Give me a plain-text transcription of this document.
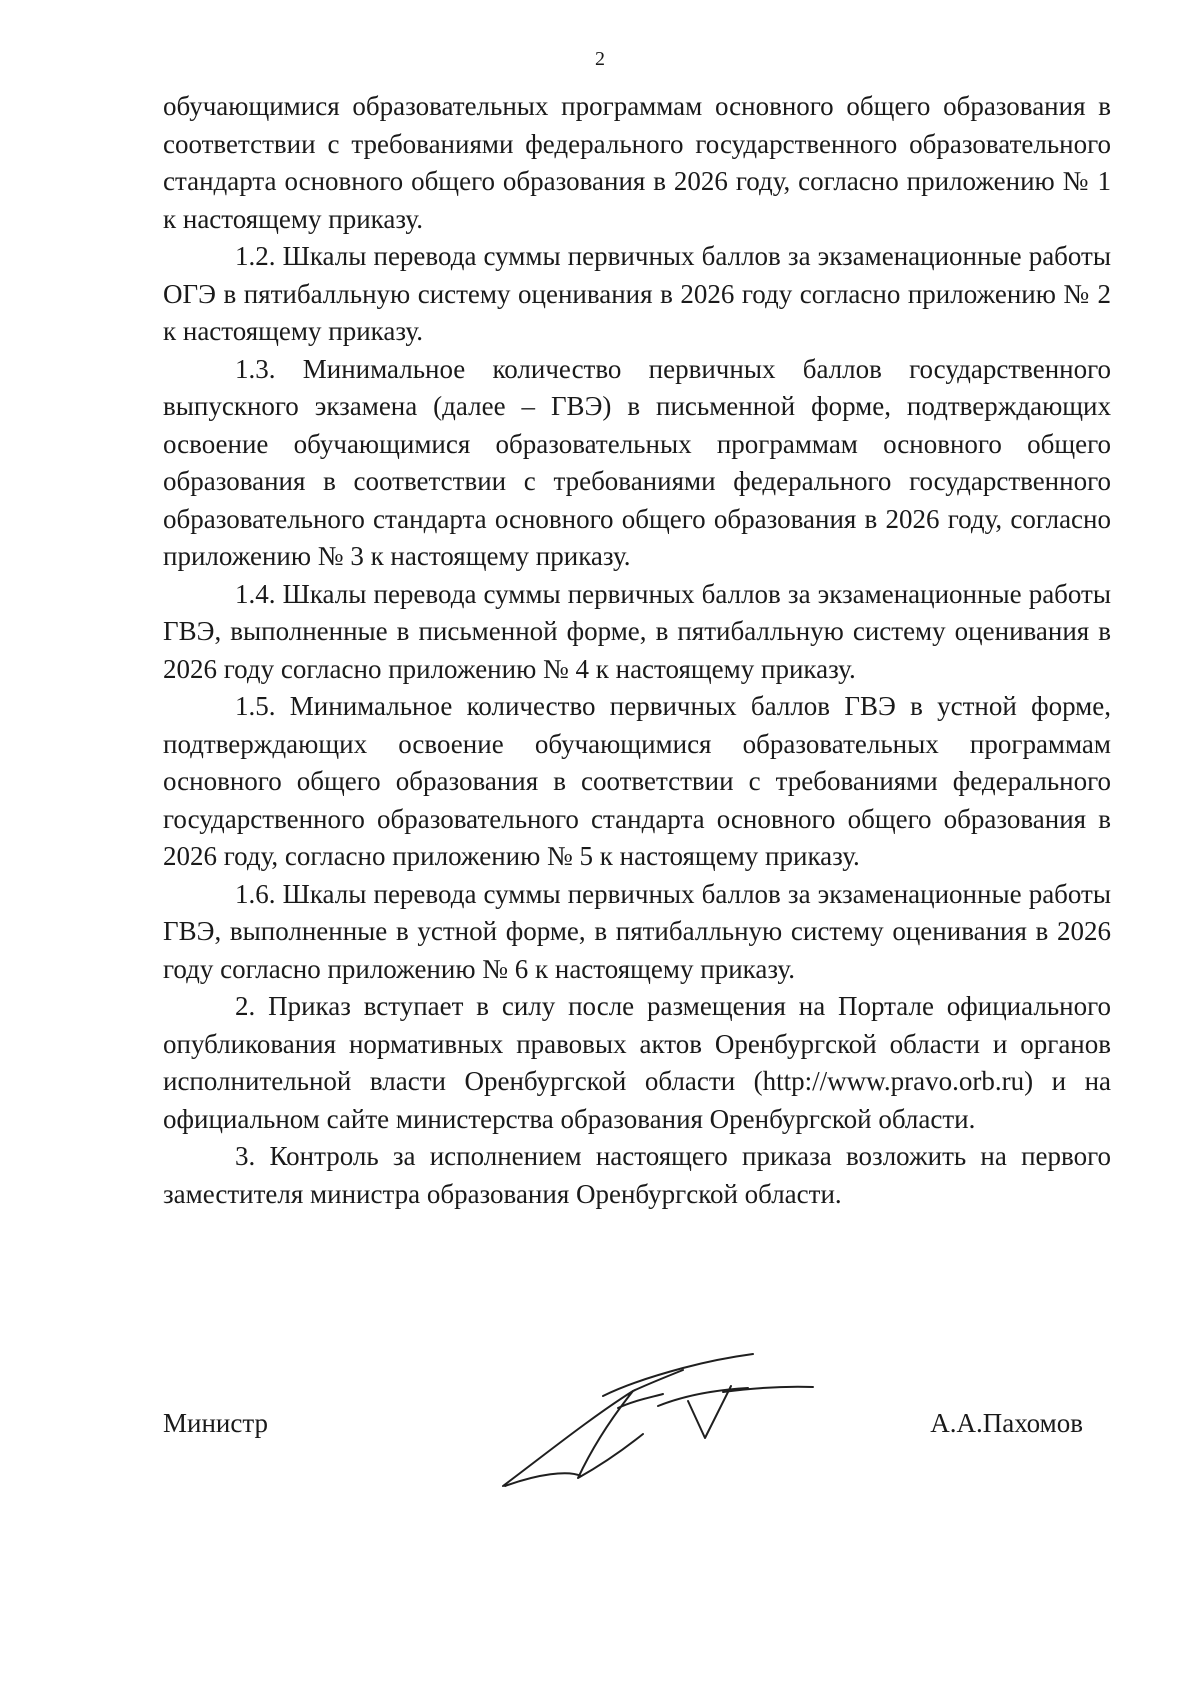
2

обучающимися образовательных программам основного общего образования в соответствии с требованиями федерального государственного образовательного стандарта основного общего образования в 2026 году, согласно приложению № 1 к настоящему приказу.

1.2. Шкалы перевода суммы первичных баллов за экзаменационные работы ОГЭ в пятибалльную систему оценивания в 2026 году согласно приложению № 2 к настоящему приказу.

1.3. Минимальное количество первичных баллов государственного выпускного экзамена (далее – ГВЭ) в письменной форме, подтверждающих освоение обучающимися образовательных программам основного общего образования в соответствии с требованиями федерального государственного образовательного стандарта основного общего образования в 2026 году, согласно приложению № 3 к настоящему приказу.

1.4. Шкалы перевода суммы первичных баллов за экзаменационные работы ГВЭ, выполненные в письменной форме, в пятибалльную систему оценивания в 2026 году согласно приложению № 4 к настоящему приказу.

1.5. Минимальное количество первичных баллов ГВЭ в устной форме, подтверждающих освоение обучающимися образовательных программам основного общего образования в соответствии с требованиями федерального государственного образовательного стандарта основного общего образования в 2026 году, согласно приложению № 5 к настоящему приказу.

1.6. Шкалы перевода суммы первичных баллов за экзаменационные работы ГВЭ, выполненные в устной форме, в пятибалльную систему оценивания в 2026 году согласно приложению № 6 к настоящему приказу.

2. Приказ вступает в силу после размещения на Портале официального опубликования нормативных правовых актов Оренбургской области и органов исполнительной власти Оренбургской области (http://www.pravo.orb.ru) и на официальном сайте министерства образования Оренбургской области.

3. Контроль за исполнением настоящего приказа возложить на первого заместителя министра образования Оренбургской области.

Министр	А.А.Пахомов
